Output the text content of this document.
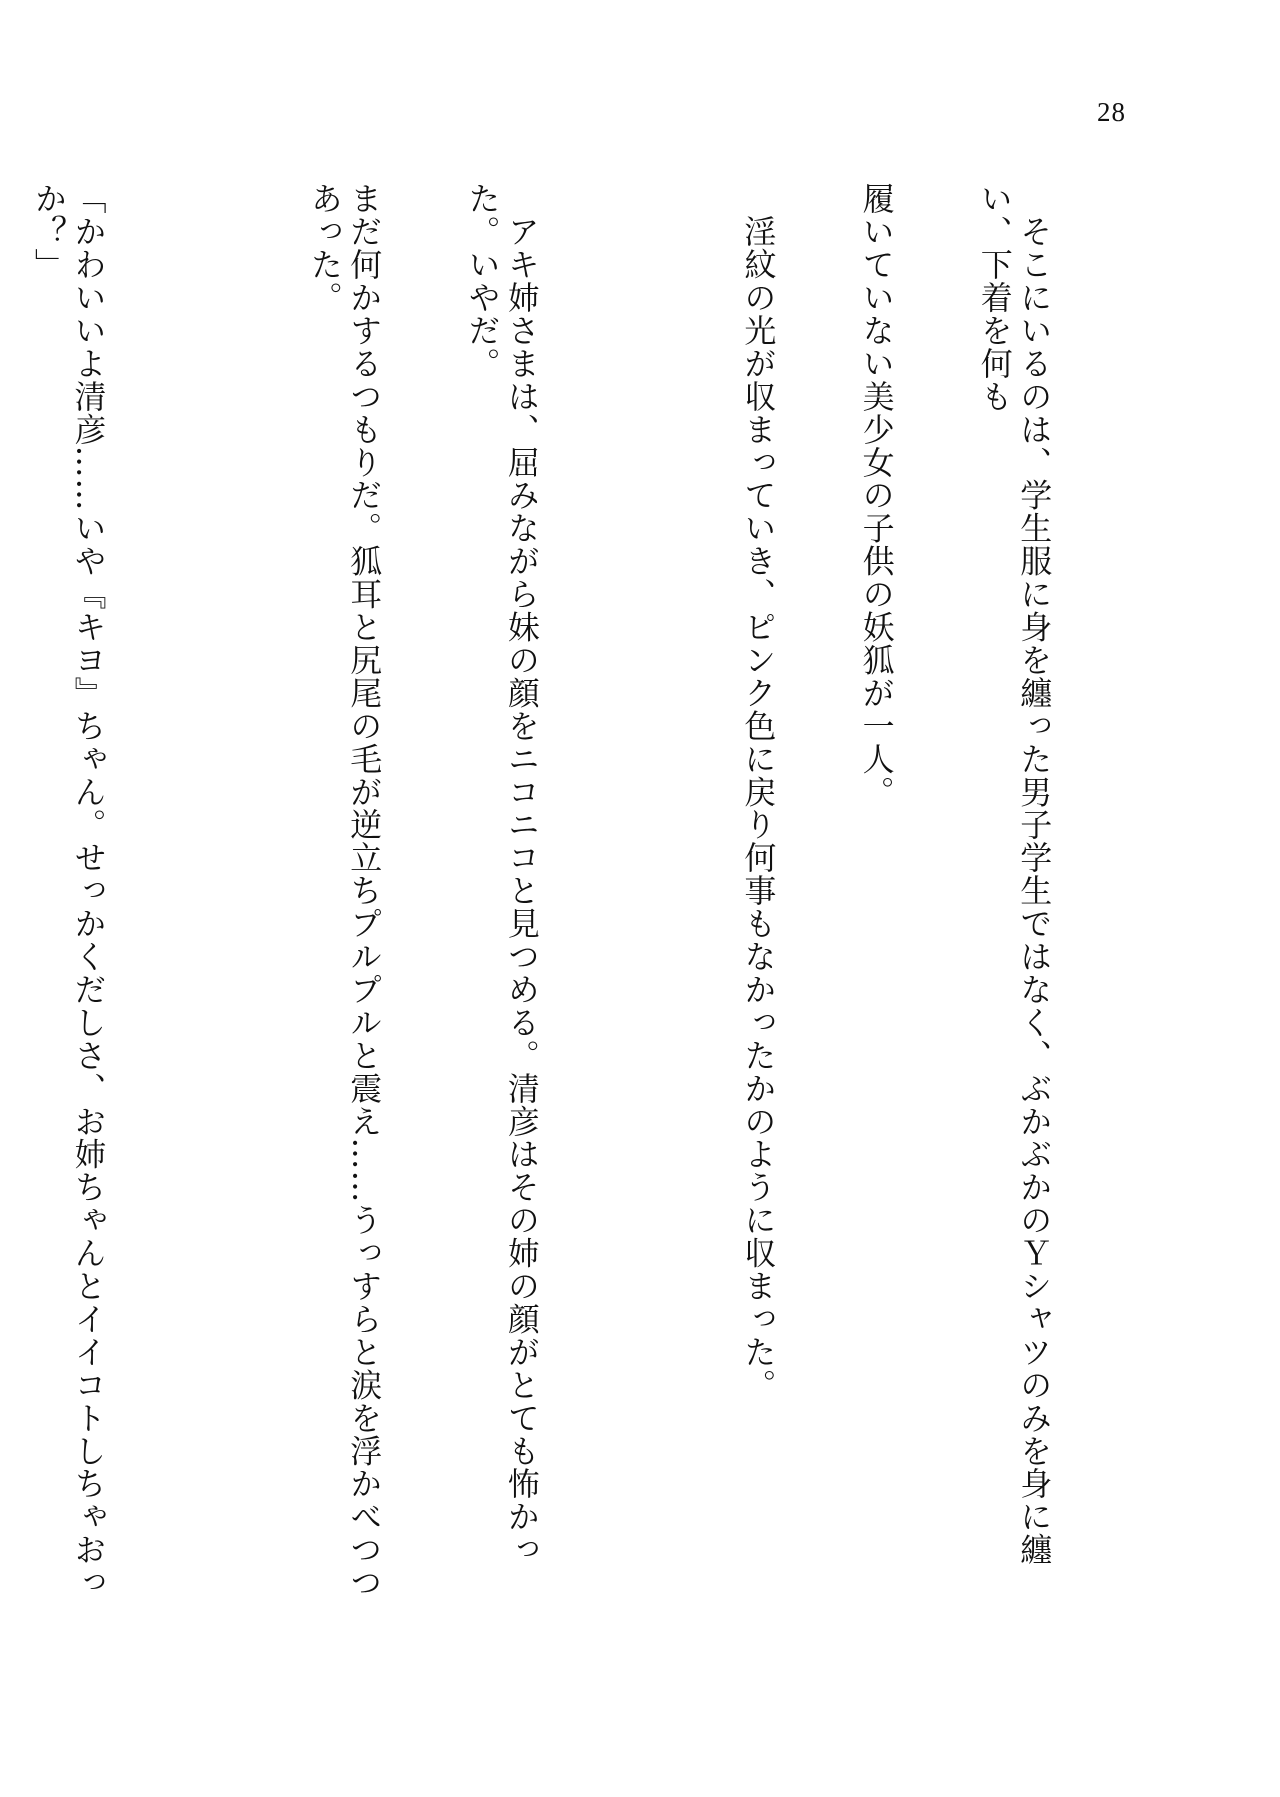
28

　そこにいるのは、学生服に身を纏った男子学生ではなく、ぶかぶかのＹシャツのみを身に纏い、下着を何も

履いていない美少女の子供の妖狐が一人。

　淫紋の光が収まっていき、ピンク色に戻り何事もなかったかのように収まった。

　アキ姉さまは、屈みながら妹の顔をニコニコと見つめる。清彦はその姉の顔がとても怖かった。いやだ。

まだ何かするつもりだ。狐耳と尻尾の毛が逆立ちプルプルと震え……うっすらと涙を浮かべつつあった。

「かわいいよ清彦……いや『キヨ』ちゃん。せっかくだしさ、お姉ちゃんとイイコトしちゃおっか？」
